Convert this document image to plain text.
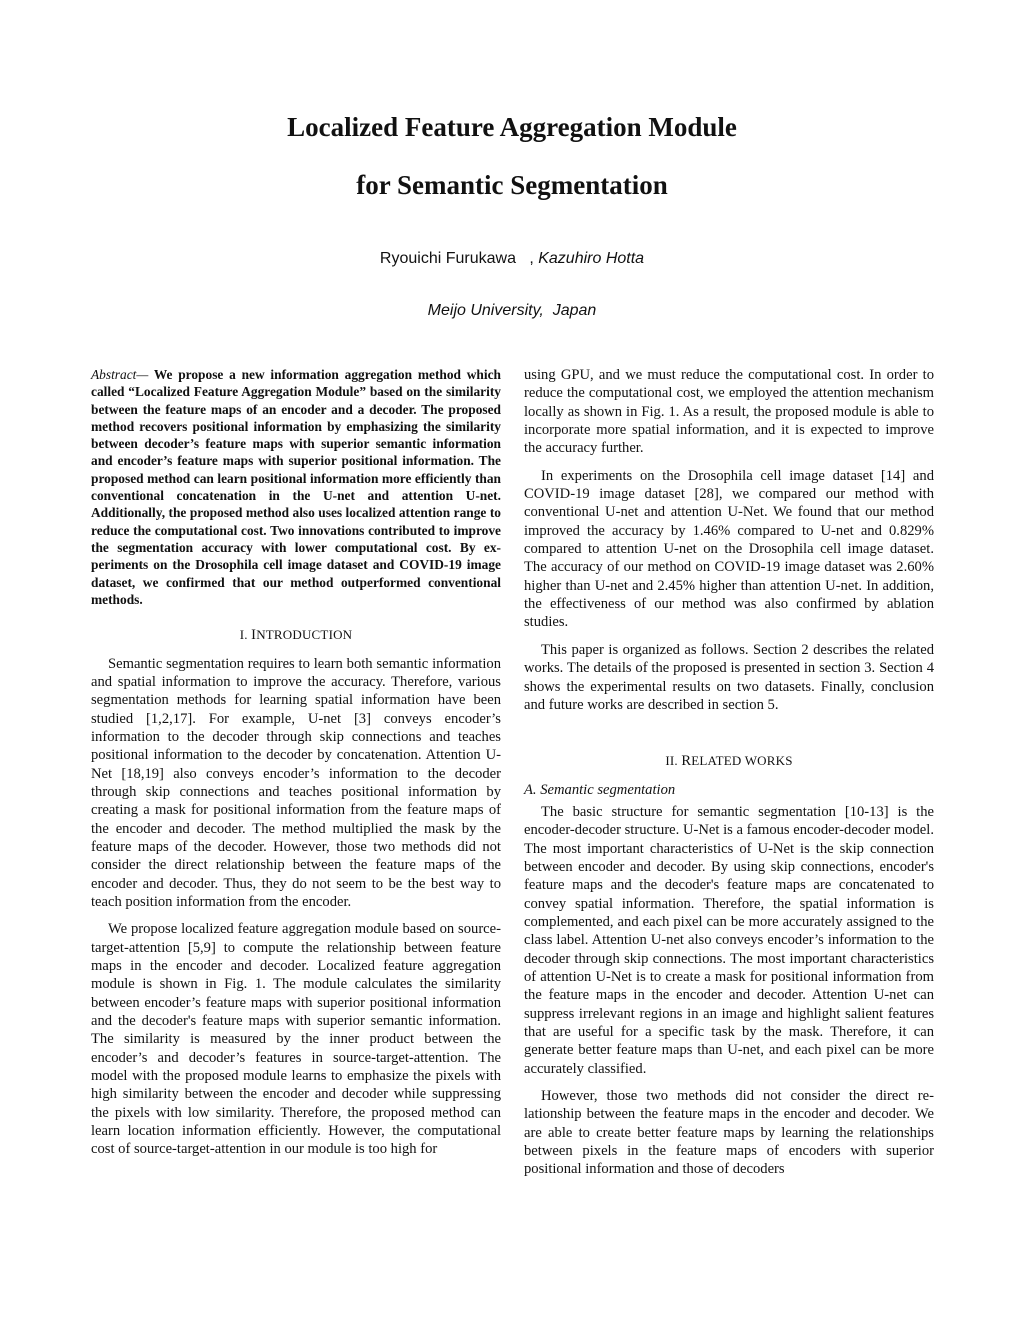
Localized Feature Aggregation Module
for Semantic Segmentation
Ryouichi Furukawa   , Kazuhiro Hotta
Meijo University,  Japan

Abstract— We propose a new information aggregation method which called “Localized Feature Aggregation Module” based on the similarity between the feature maps of an encoder and a decoder. The proposed method recovers positional information by emphasizing the similarity between decoder’s feature maps with superior semantic information and encoder’s feature maps with superior positional information. The proposed method can learn positional information more efficiently than conventional concatenation in the U-net and attention U-net. Additionally, the proposed method also uses localized attention range to reduce the computational cost. Two innovations contributed to improve the segmentation accuracy with lower computational cost. By experiments on the Drosophila cell image dataset and COVID-19 image dataset, we confirmed that our method outperformed conventional methods.

I. INTRODUCTION

Semantic segmentation requires to learn both semantic information and spatial information to improve the accuracy. Therefore, various segmentation methods for learning spatial information have been studied [1,2,17]. For example, U-net [3] conveys encoder’s information to the decoder through skip connections and teaches positional information to the decoder by concatenation. Attention U-Net [18,19] also conveys encoder’s information to the decoder through skip connections and teaches positional information by creating a mask for positional information from the feature maps of the encoder and decoder. The method multiplied the mask by the feature maps of the decoder. However, those two methods did not consider the direct relationship between the feature maps of the encoder and decoder. Thus, they do not seem to be the best way to teach position information from the encoder.

We propose localized feature aggregation module based on source-target-attention [5,9] to compute the relationship between feature maps in the encoder and decoder. Localized feature aggregation module is shown in Fig. 1. The module calculates the similarity between encoder’s feature maps with superior positional information and the decoder's feature maps with superior semantic information. The similarity is measured by the inner product between the encoder’s and decoder’s features in source-target-attention. The model with the proposed module learns to emphasize the pixels with high similarity between the encoder and decoder while suppressing the pixels with low similarity. Therefore, the proposed method can learn location information efficiently. However, the computational cost of source-target-attention in our module is too high for

using GPU, and we must reduce the computational cost. In order to reduce the computational cost, we employed the attention mechanism locally as shown in Fig. 1. As a result, the proposed module is able to incorporate more spatial information, and it is expected to improve the accuracy further.

In experiments on the Drosophila cell image dataset [14] and COVID-19 image dataset [28], we compared our method with conventional U-net and attention U-Net. We found that our method improved the accuracy by 1.46% compared to U-net and 0.829% compared to attention U-net on the Drosophila cell image dataset. The accuracy of our method on COVID-19 image dataset was 2.60% higher than U-net and 2.45% higher than attention U-net. In addition, the effectiveness of our method was also confirmed by ablation studies.

This paper is organized as follows. Section 2 describes the related works. The details of the proposed is presented in section 3. Section 4 shows the experimental results on two datasets. Finally, conclusion and future works are described in section 5.

II. RELATED WORKS
A. Semantic segmentation

The basic structure for semantic segmentation [10-13] is the encoder-decoder structure. U-Net is a famous encoder-decoder model. The most important characteristics of U-Net is the skip connection between encoder and decoder. By using skip connections, encoder's feature maps and the decoder's feature maps are concatenated to convey spatial information. Therefore, the spatial information is complemented, and each pixel can be more accurately assigned to the class label. Attention U-net also conveys encoder’s information to the decoder through skip connections. The most important characteristics of attention U-Net is to create a mask for positional information from the feature maps in the encoder and decoder. Attention U-net can suppress irrelevant regions in an image and highlight salient features that are useful for a specific task by the mask. Therefore, it can generate better feature maps than U-net, and each pixel can be more accurately classified.

However, those two methods did not consider the direct relationship between the feature maps in the encoder and decoder. We are able to create better feature maps by learning the relationships between pixels in the feature maps of encoders with superior positional information and those of decoders
